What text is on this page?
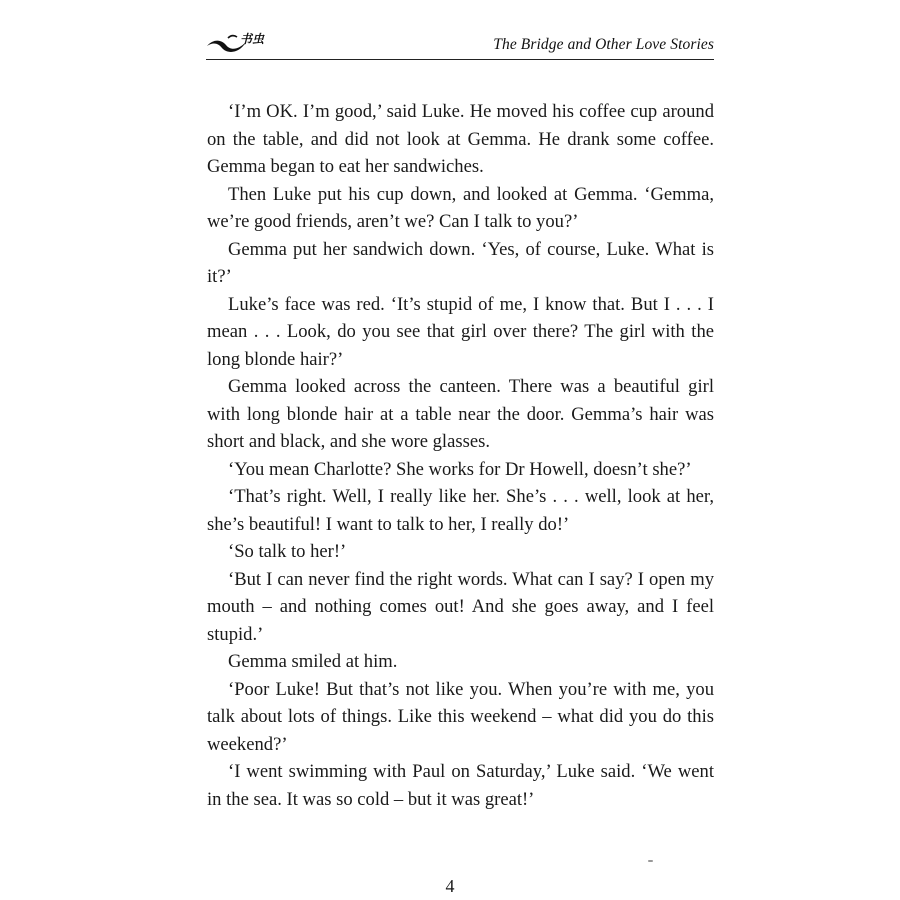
书虫	The Bridge and Other Love Stories

‘I’m OK. I’m good,’ said Luke. He moved his coffee cup around on the table, and did not look at Gemma. He drank some coffee. Gemma began to eat her sandwiches.

Then Luke put his cup down, and looked at Gemma. ‘Gemma, we’re good friends, aren’t we? Can I talk to you?’

Gemma put her sandwich down. ‘Yes, of course, Luke. What is it?’

Luke’s face was red. ‘It’s stupid of me, I know that. But I . . . I mean . . . Look, do you see that girl over there? The girl with the long blonde hair?’

Gemma looked across the canteen. There was a beautiful girl with long blonde hair at a table near the door. Gemma’s hair was short and black, and she wore glasses.

‘You mean Charlotte? She works for Dr Howell, doesn’t she?’

‘That’s right. Well, I really like her. She’s . . . well, look at her, she’s beautiful! I want to talk to her, I really do!’

‘So talk to her!’

‘But I can never find the right words. What can I say? I open my mouth – and nothing comes out! And she goes away, and I feel stupid.’

Gemma smiled at him.

‘Poor Luke! But that’s not like you. When you’re with me, you talk about lots of things. Like this weekend – what did you do this weekend?’

‘I went swimming with Paul on Saturday,’ Luke said. ‘We went in the sea. It was so cold – but it was great!’

4
